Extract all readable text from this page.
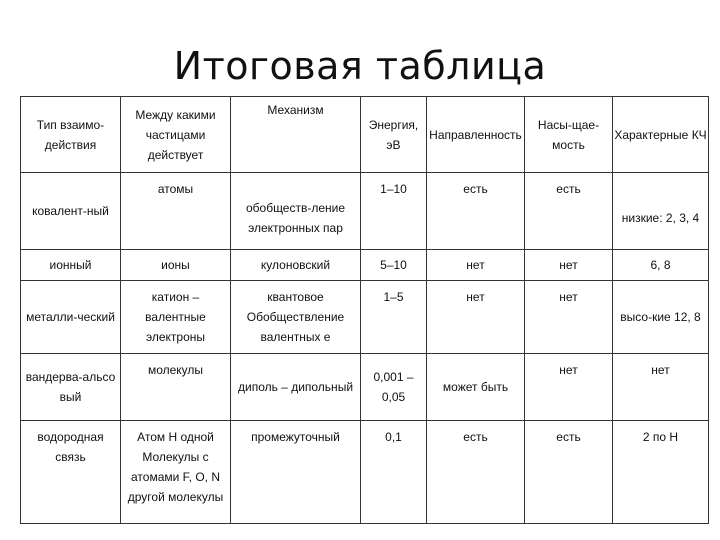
Итоговая таблица
Тип взаимо-действия	Между какими частицами действует	Механизм	Энергия, эВ	Направленность	Насы-щае-мость	Характерные КЧ
ковалент-ный	атомы	обобществ-ление электронных пар	1–10	есть	есть	низкие: 2, 3, 4

ионный	ионы	кулоновский	5–10	нет	нет	6, 8
металли-ческий	катион – валентные электроны	квантовое Обобществление валентных е	1–5	нет	нет	высо-кие 12, 8
вандерва-альсо вый	молекулы	диполь – дипольный	0,001 – 0,05	может быть	нет	нет
водородная связь	Атом Н одной Молекулы с атомами F, O, N другой молекулы	промежуточный	0,1	есть	есть	2 по Н
